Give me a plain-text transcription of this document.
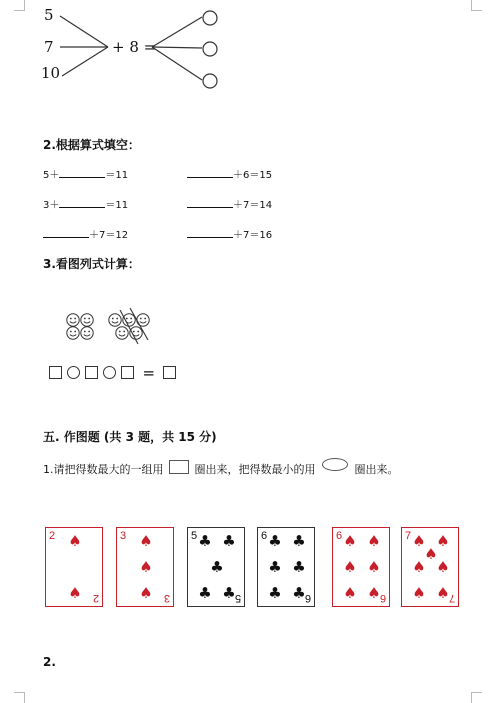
5
7
10
+ 8 =
2.根据算式填空：
5＋	＝11	＋6＝15
3＋	＝11	＋7＝14
＋7＝12	＋7＝16
3.看图列式计算：
=
五. 作图题 (共 3 题，共 15 分)
1.请把得数最大的一组用	圈出来，把得数最小的用	圈出来。
2
2
♠
♠
3
3
♠
♠
♠
5
5
♣ ♣
♣
♣ ♣
6
6
♣ ♣
♣ ♣
♣ ♣
6
6
♠ ♠
♠ ♠
♠ ♠
7
7
♠ ♠
♠
♠ ♠
♠ ♠
2.
